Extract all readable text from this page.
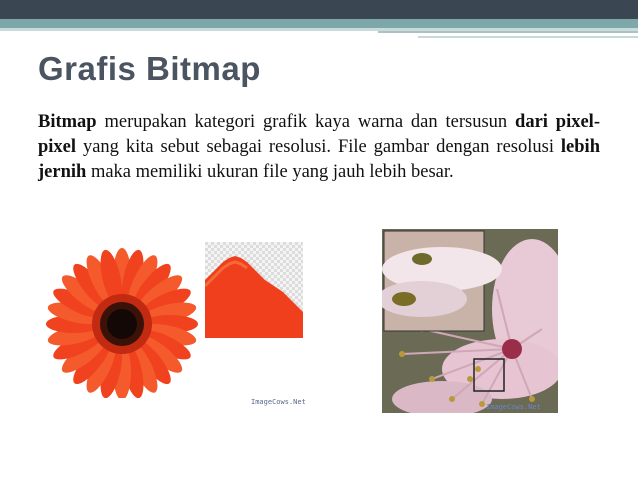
Grafis Bitmap

Bitmap merupakan kategori grafik kaya warna dan tersusun dari pixel-pixel yang kita sebut sebagai resolusi. File gambar dengan resolusi lebih jernih maka memiliki ukuran file yang jauh lebih besar.

ImageCows.Net
ImageCows.Net
